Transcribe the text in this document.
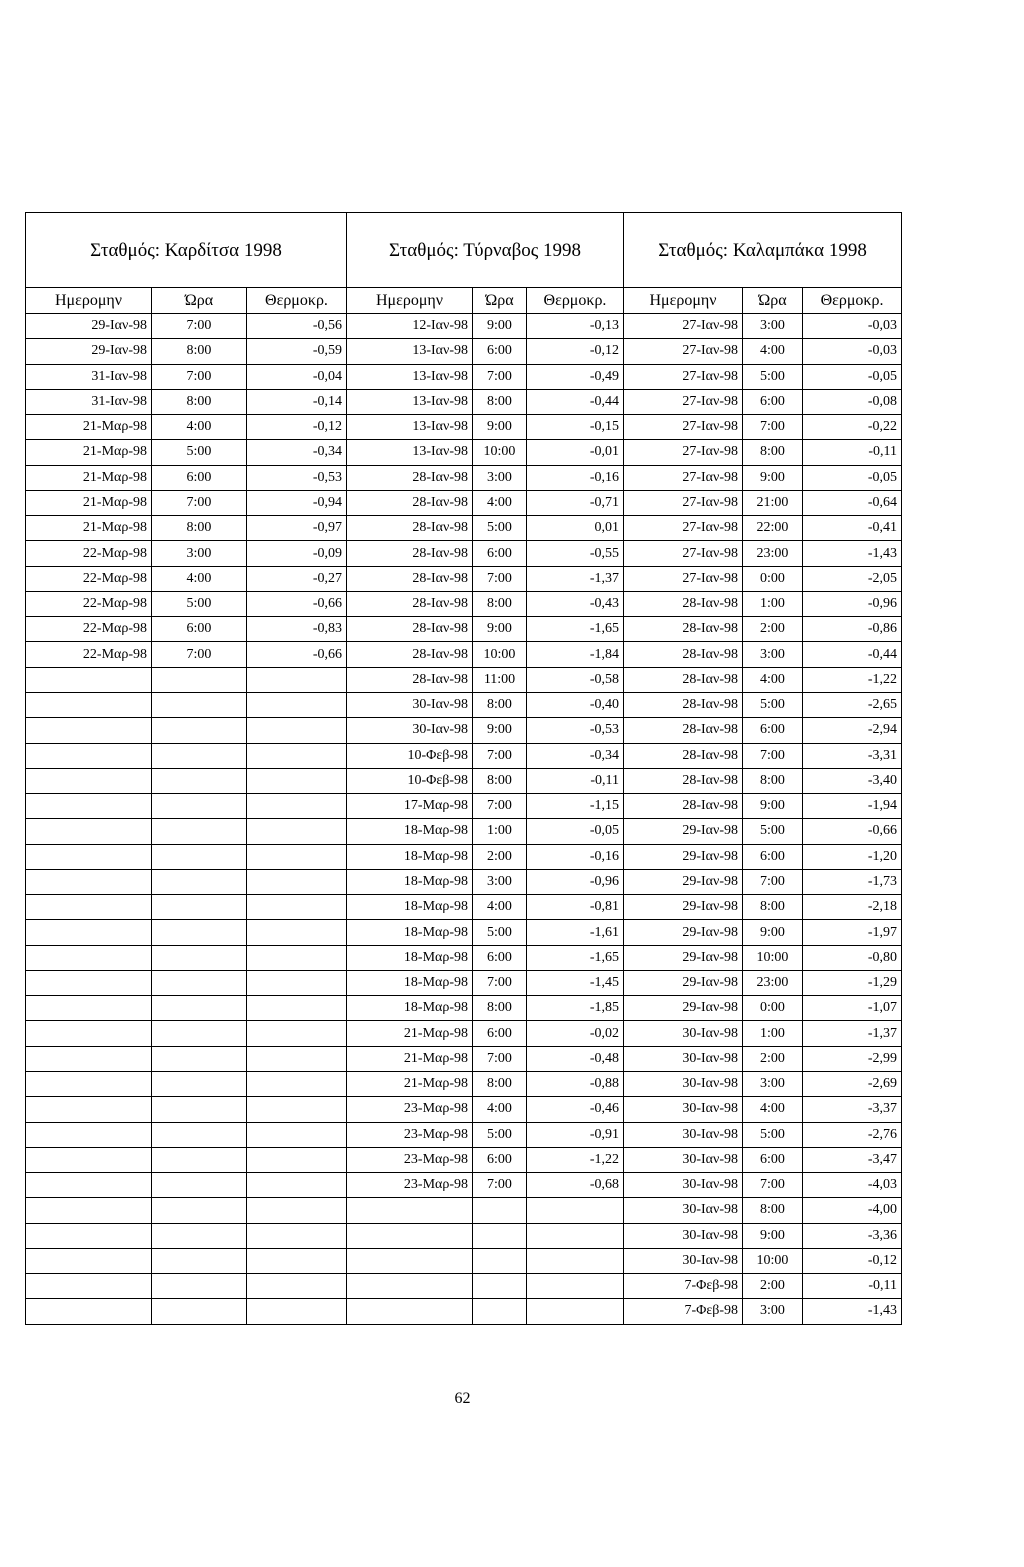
Σταθμός: Καρδίτσα 1998			Σταθμός: Τύρναβος 1998			Σταθμός: Καλαμπάκα 1998		
Ημερομην	Ώρα	Θερμοκρ.	Ημερομην	Ώρα	Θερμοκρ.	Ημερομην	Ώρα	Θερμοκρ.
29-Ιαν-98	7:00	-0,56	12-Ιαν-98	9:00	-0,13	27-Ιαν-98	3:00	-0,03
29-Ιαν-98	8:00	-0,59	13-Ιαν-98	6:00	-0,12	27-Ιαν-98	4:00	-0,03
31-Ιαν-98	7:00	-0,04	13-Ιαν-98	7:00	-0,49	27-Ιαν-98	5:00	-0,05
31-Ιαν-98	8:00	-0,14	13-Ιαν-98	8:00	-0,44	27-Ιαν-98	6:00	-0,08
21-Μαρ-98	4:00	-0,12	13-Ιαν-98	9:00	-0,15	27-Ιαν-98	7:00	-0,22
21-Μαρ-98	5:00	-0,34	13-Ιαν-98	10:00	-0,01	27-Ιαν-98	8:00	-0,11
21-Μαρ-98	6:00	-0,53	28-Ιαν-98	3:00	-0,16	27-Ιαν-98	9:00	-0,05
21-Μαρ-98	7:00	-0,94	28-Ιαν-98	4:00	-0,71	27-Ιαν-98	21:00	-0,64
21-Μαρ-98	8:00	-0,97	28-Ιαν-98	5:00	0,01	27-Ιαν-98	22:00	-0,41
22-Μαρ-98	3:00	-0,09	28-Ιαν-98	6:00	-0,55	27-Ιαν-98	23:00	-1,43
22-Μαρ-98	4:00	-0,27	28-Ιαν-98	7:00	-1,37	27-Ιαν-98	0:00	-2,05
22-Μαρ-98	5:00	-0,66	28-Ιαν-98	8:00	-0,43	28-Ιαν-98	1:00	-0,96
22-Μαρ-98	6:00	-0,83	28-Ιαν-98	9:00	-1,65	28-Ιαν-98	2:00	-0,86
22-Μαρ-98	7:00	-0,66	28-Ιαν-98	10:00	-1,84	28-Ιαν-98	3:00	-0,44
			28-Ιαν-98	11:00	-0,58	28-Ιαν-98	4:00	-1,22
			30-Ιαν-98	8:00	-0,40	28-Ιαν-98	5:00	-2,65
			30-Ιαν-98	9:00	-0,53	28-Ιαν-98	6:00	-2,94
			10-Φεβ-98	7:00	-0,34	28-Ιαν-98	7:00	-3,31
			10-Φεβ-98	8:00	-0,11	28-Ιαν-98	8:00	-3,40
			17-Μαρ-98	7:00	-1,15	28-Ιαν-98	9:00	-1,94
			18-Μαρ-98	1:00	-0,05	29-Ιαν-98	5:00	-0,66
			18-Μαρ-98	2:00	-0,16	29-Ιαν-98	6:00	-1,20
			18-Μαρ-98	3:00	-0,96	29-Ιαν-98	7:00	-1,73
			18-Μαρ-98	4:00	-0,81	29-Ιαν-98	8:00	-2,18
			18-Μαρ-98	5:00	-1,61	29-Ιαν-98	9:00	-1,97
			18-Μαρ-98	6:00	-1,65	29-Ιαν-98	10:00	-0,80
			18-Μαρ-98	7:00	-1,45	29-Ιαν-98	23:00	-1,29
			18-Μαρ-98	8:00	-1,85	29-Ιαν-98	0:00	-1,07
			21-Μαρ-98	6:00	-0,02	30-Ιαν-98	1:00	-1,37
			21-Μαρ-98	7:00	-0,48	30-Ιαν-98	2:00	-2,99
			21-Μαρ-98	8:00	-0,88	30-Ιαν-98	3:00	-2,69
			23-Μαρ-98	4:00	-0,46	30-Ιαν-98	4:00	-3,37
			23-Μαρ-98	5:00	-0,91	30-Ιαν-98	5:00	-2,76
			23-Μαρ-98	6:00	-1,22	30-Ιαν-98	6:00	-3,47
			23-Μαρ-98	7:00	-0,68	30-Ιαν-98	7:00	-4,03
						30-Ιαν-98	8:00	-4,00
						30-Ιαν-98	9:00	-3,36
						30-Ιαν-98	10:00	-0,12
						7-Φεβ-98	2:00	-0,11
						7-Φεβ-98	3:00	-1,43
62
